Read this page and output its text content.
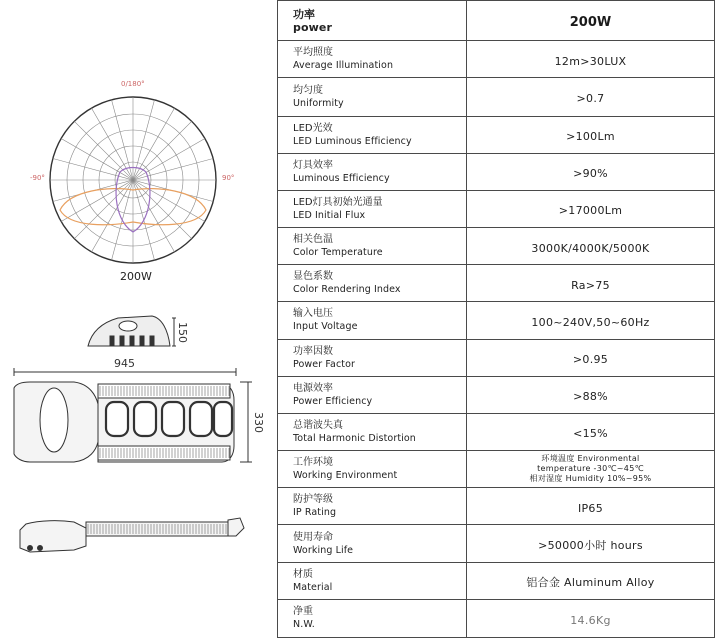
0/180°
-90°	90°
200W
150
945
330
功率
power	200W

平均照度
Average Illumination	12m>30LUX

均匀度
Uniformity	>0.7

LED光效
LED Luminous Efficiency	>100Lm

灯具效率
Luminous Efficiency	>90%

LED灯具初始光通量
LED Initial Flux	>17000Lm

相关色温
Color Temperature	3000K/4000K/5000K

显色系数
Color Rendering Index	Ra>75

输入电压
Input Voltage	100~240V,50~60Hz

功率因数
Power Factor	>0.95

电源效率
Power Efficiency	>88%

总谐波失真
Total Harmonic Distortion	<15%

工作环境
Working Environment	环境温度 Environmental
temperature -30℃~45℃
相对湿度 Humidity 10%~95%

防护等级
IP Rating	IP65

使用寿命
Working Life	>50000小时 hours

材质
Material	铝合金 Aluminum Alloy

净重
N.W.	14.6Kg
